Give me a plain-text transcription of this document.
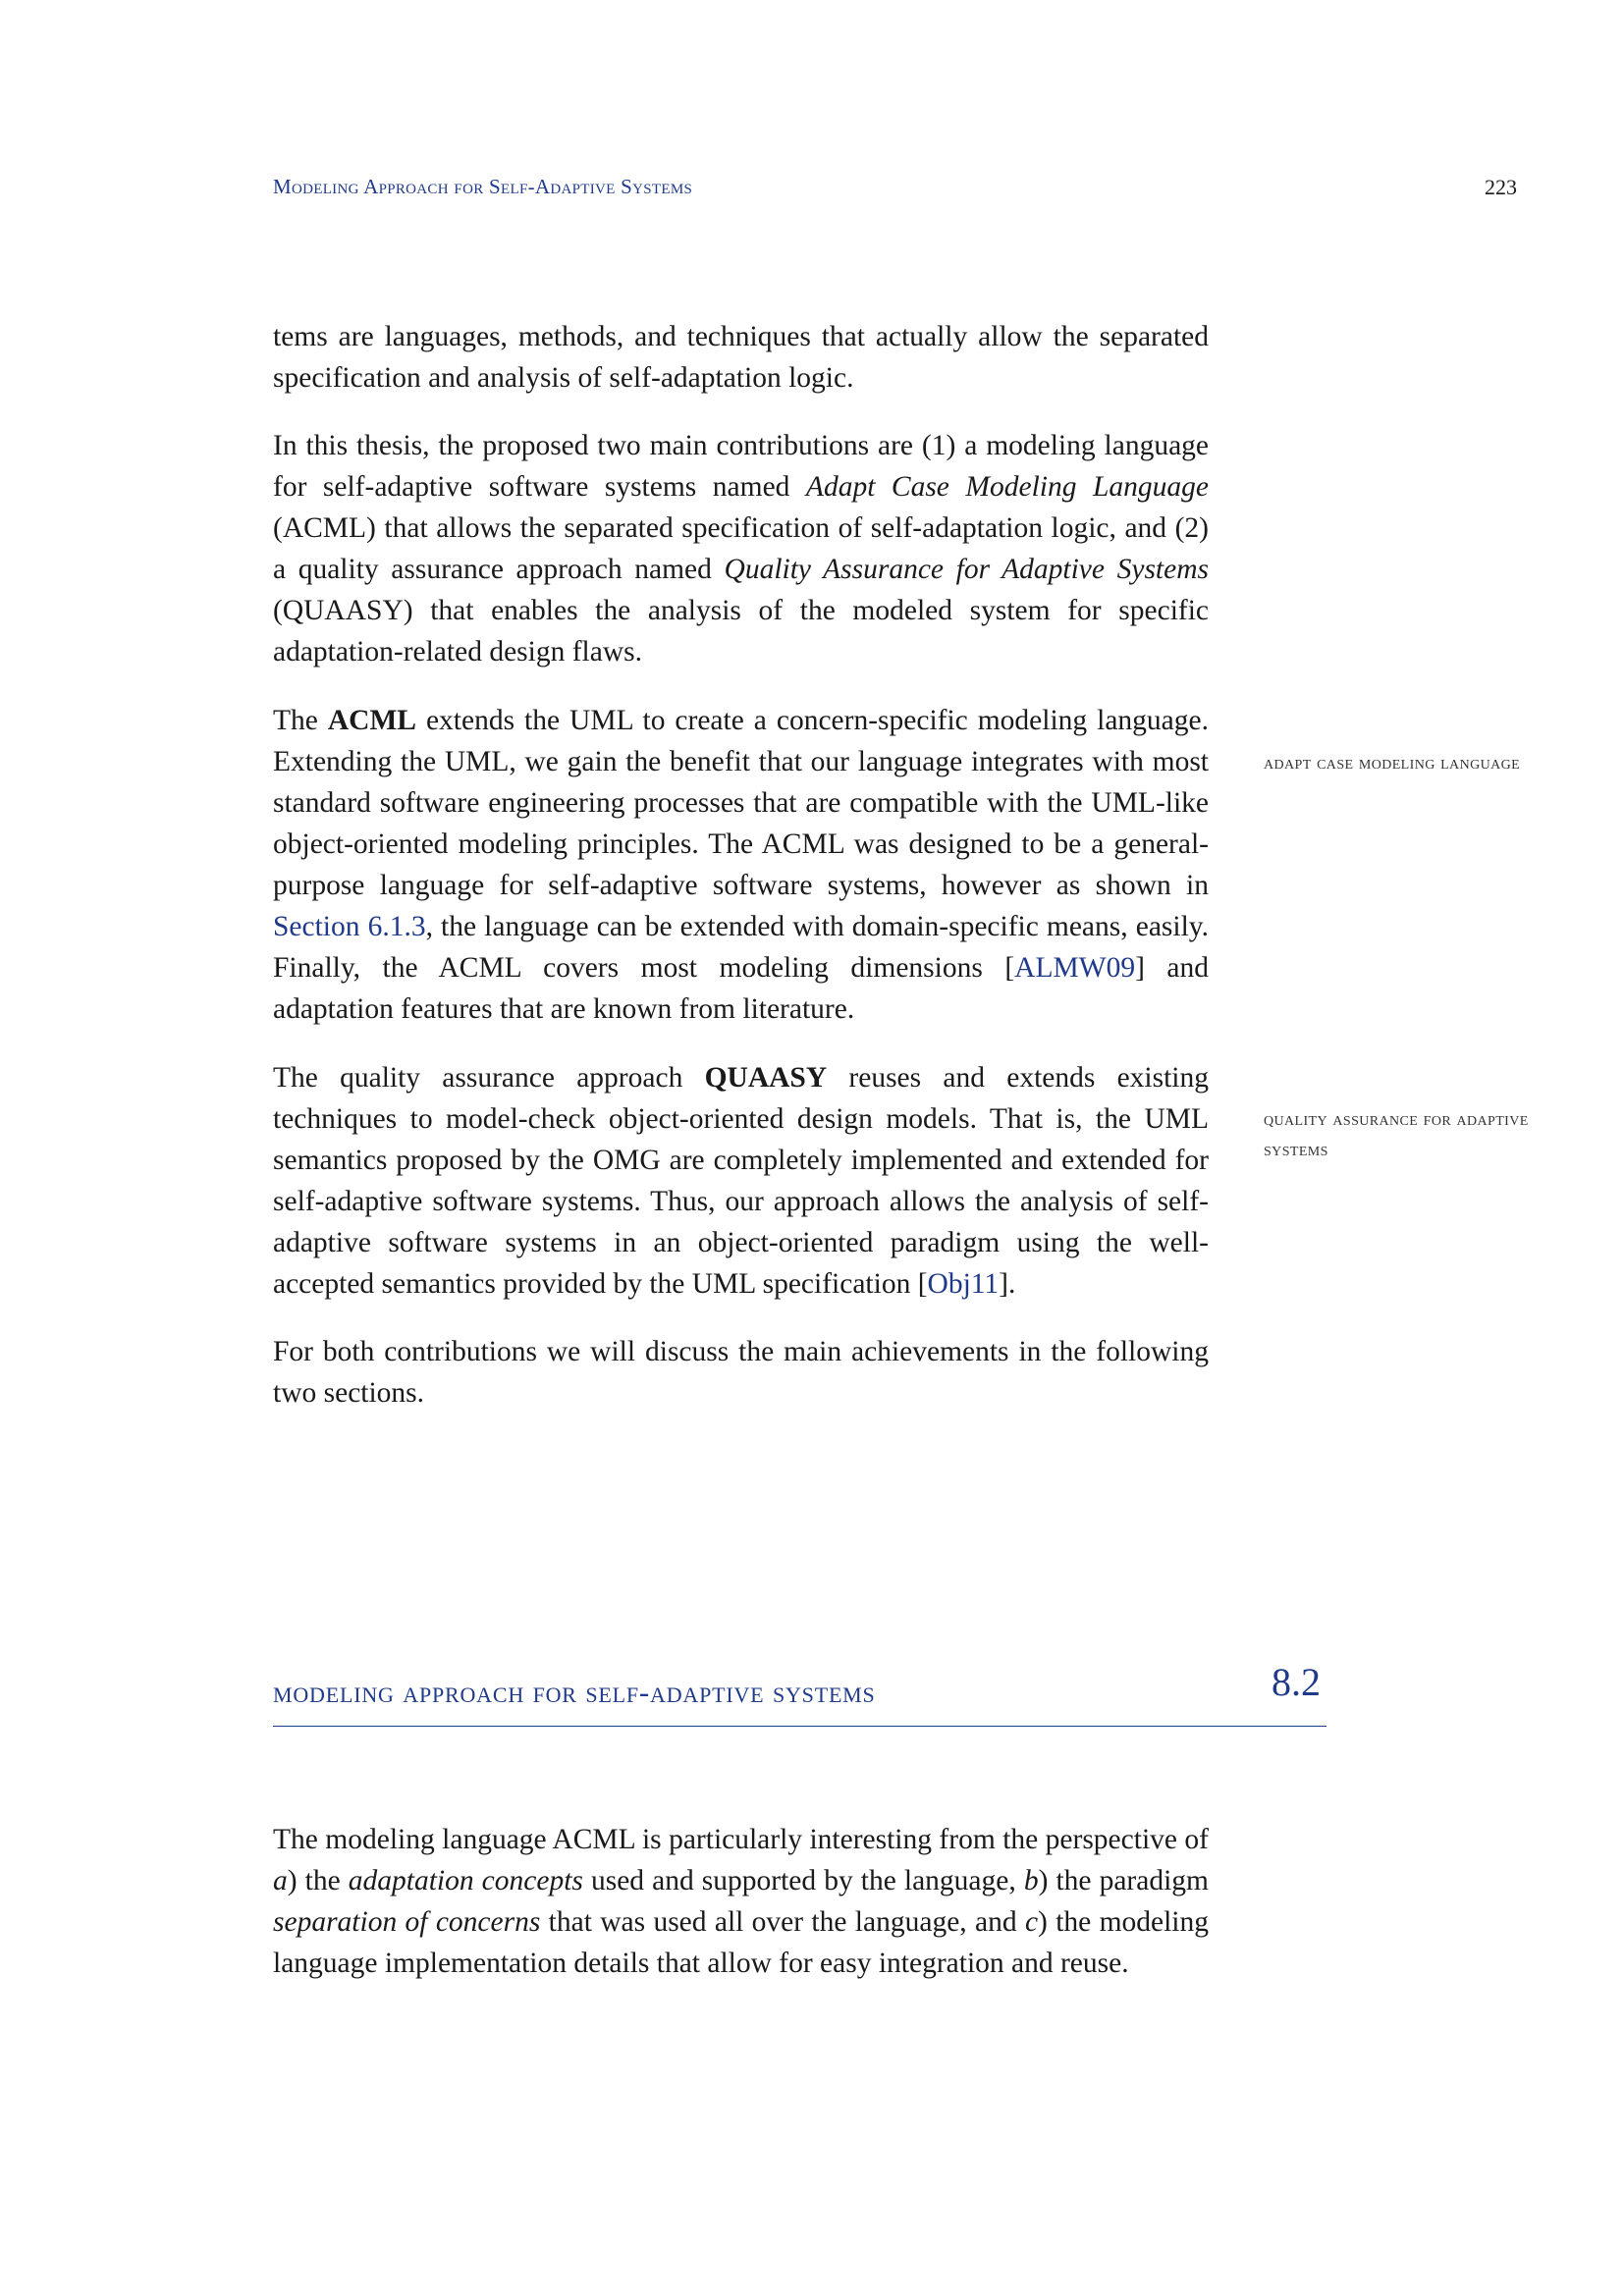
Modeling Approach for Self-Adaptive Systems	223

tems are languages, methods, and techniques that actually allow the separated specification and analysis of self-adaptation logic.

In this thesis, the proposed two main contributions are (1) a modeling language for self-adaptive software systems named Adapt Case Modeling Language (ACML) that allows the separated specification of self-adaptation logic, and (2) a quality assurance approach named Quality Assurance for Adaptive Systems (QUAASY) that enables the analysis of the modeled system for specific adaptation-related design flaws.

The ACML extends the UML to create a concern-specific modeling language. Extending the UML, we gain the benefit that our language integrates with most standard software engineering processes that are compatible with the UML-like object-oriented modeling principles. The ACML was designed to be a general-purpose language for self-adaptive software systems, however as shown in Section 6.1.3, the language can be extended with domain-specific means, easily. Finally, the ACML covers most modeling dimensions [ALMW09] and adaptation features that are known from literature.

adapt case modeling language

The quality assurance approach QUAASY reuses and extends existing techniques to model-check object-oriented design models. That is, the UML semantics proposed by the OMG are completely implemented and extended for self-adaptive software systems. Thus, our approach allows the analysis of self-adaptive software systems in an object-oriented paradigm using the well-accepted semantics provided by the UML specification [Obj11].

quality assurance for adaptive systems

For both contributions we will discuss the main achievements in the following two sections.

modeling approach for self-adaptive systems	8.2

The modeling language ACML is particularly interesting from the perspective of a) the adaptation concepts used and supported by the language, b) the paradigm separation of concerns that was used all over the language, and c) the modeling language implementation details that allow for easy integration and reuse.
